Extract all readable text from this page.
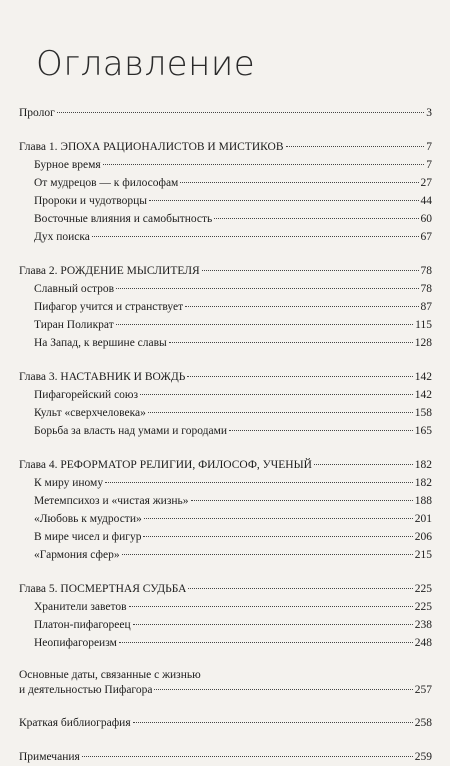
Оглавление
Пролог	3
Глава 1. ЭПОХА РАЦИОНАЛИСТОВ И МИСТИКОВ	7
Бурное время	7
От мудрецов — к философам	27
Пророки и чудотворцы	44
Восточные влияния и самобытность	60
Дух поиска	67
Глава 2. РОЖДЕНИЕ МЫСЛИТЕЛЯ	78
Славный остров	78
Пифагор учится и странствует	87
Тиран Поликрат	115
На Запад, к вершине славы	128
Глава 3. НАСТАВНИК И ВОЖДЬ	142
Пифагорейский союз	142
Культ «сверхчеловека»	158
Борьба за власть над умами и городами	165
Глава 4. РЕФОРМАТОР РЕЛИГИИ, ФИЛОСОФ, УЧЕНЫЙ	182
К миру иному	182
Метемпсихоз и «чистая жизнь»	188
«Любовь к мудрости»	201
В мире чисел и фигур	206
«Гармония сфер»	215
Глава 5. ПОСМЕРТНАЯ СУДЬБА	225
Хранители заветов	225
Платон-пифагореец	238
Неопифагореизм	248
Основные даты, связанные с жизнью
и деятельностью Пифагора	257
Краткая библиография	258
Примечания	259
